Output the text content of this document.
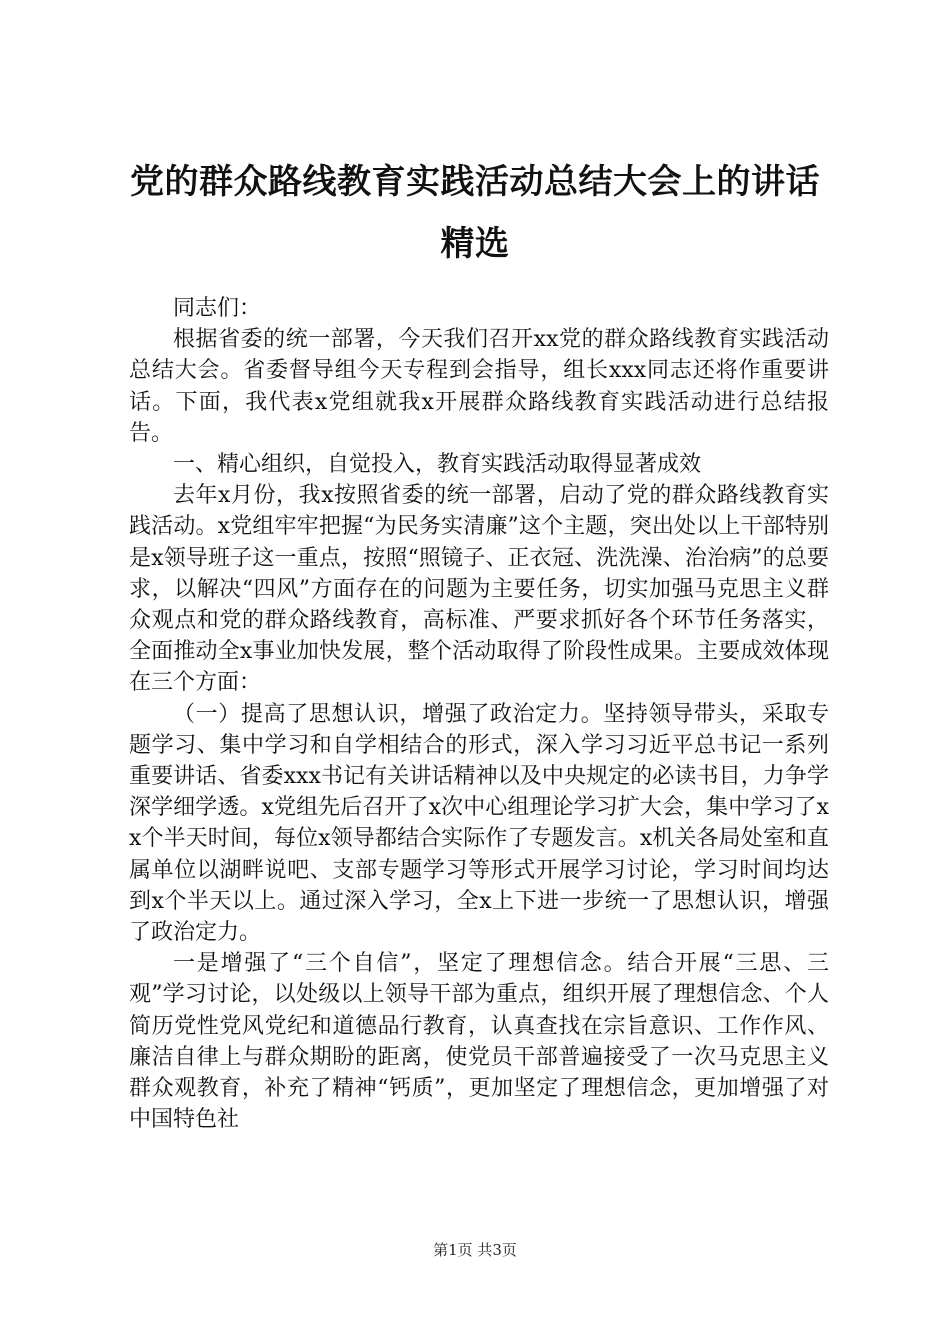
党的群众路线教育实践活动总结大会上的讲话
精选

同志们：

根据省委的统一部署，今天我们召开xx党的群众路线教育实践活动总结大会。省委督导组今天专程到会指导，组长xxx同志还将作重要讲话。下面，我代表x党组就我x开展群众路线教育实践活动进行总结报告。

一、精心组织，自觉投入，教育实践活动取得显著成效

去年x月份，我x按照省委的统一部署，启动了党的群众路线教育实践活动。x党组牢牢把握“为民务实清廉”这个主题，突出处以上干部特别是x领导班子这一重点，按照“照镜子、正衣冠、洗洗澡、治治病”的总要求，以解决“四风”方面存在的问题为主要任务，切实加强马克思主义群众观点和党的群众路线教育，高标准、严要求抓好各个环节任务落实，全面推动全x事业加快发展，整个活动取得了阶段性成果。主要成效体现在三个方面：

（一）提高了思想认识，增强了政治定力。坚持领导带头，采取专题学习、集中学习和自学相结合的形式，深入学习习近平总书记一系列重要讲话、省委xxx书记有关讲话精神以及中央规定的必读书目，力争学深学细学透。x党组先后召开了x次中心组理论学习扩大会，集中学习了xx个半天时间，每位x领导都结合实际作了专题发言。x机关各局处室和直属单位以湖畔说吧、支部专题学习等形式开展学习讨论，学习时间均达到x个半天以上。通过深入学习，全x上下进一步统一了思想认识，增强了政治定力。

一是增强了“三个自信”，坚定了理想信念。结合开展“三思、三观”学习讨论，以处级以上领导干部为重点，组织开展了理想信念、个人简历党性党风党纪和道德品行教育，认真查找在宗旨意识、工作作风、廉洁自律上与群众期盼的距离，使党员干部普遍接受了一次马克思主义群众观教育，补充了精神“钙质”，更加坚定了理想信念，更加增强了对中国特色社

第1页 共3页
